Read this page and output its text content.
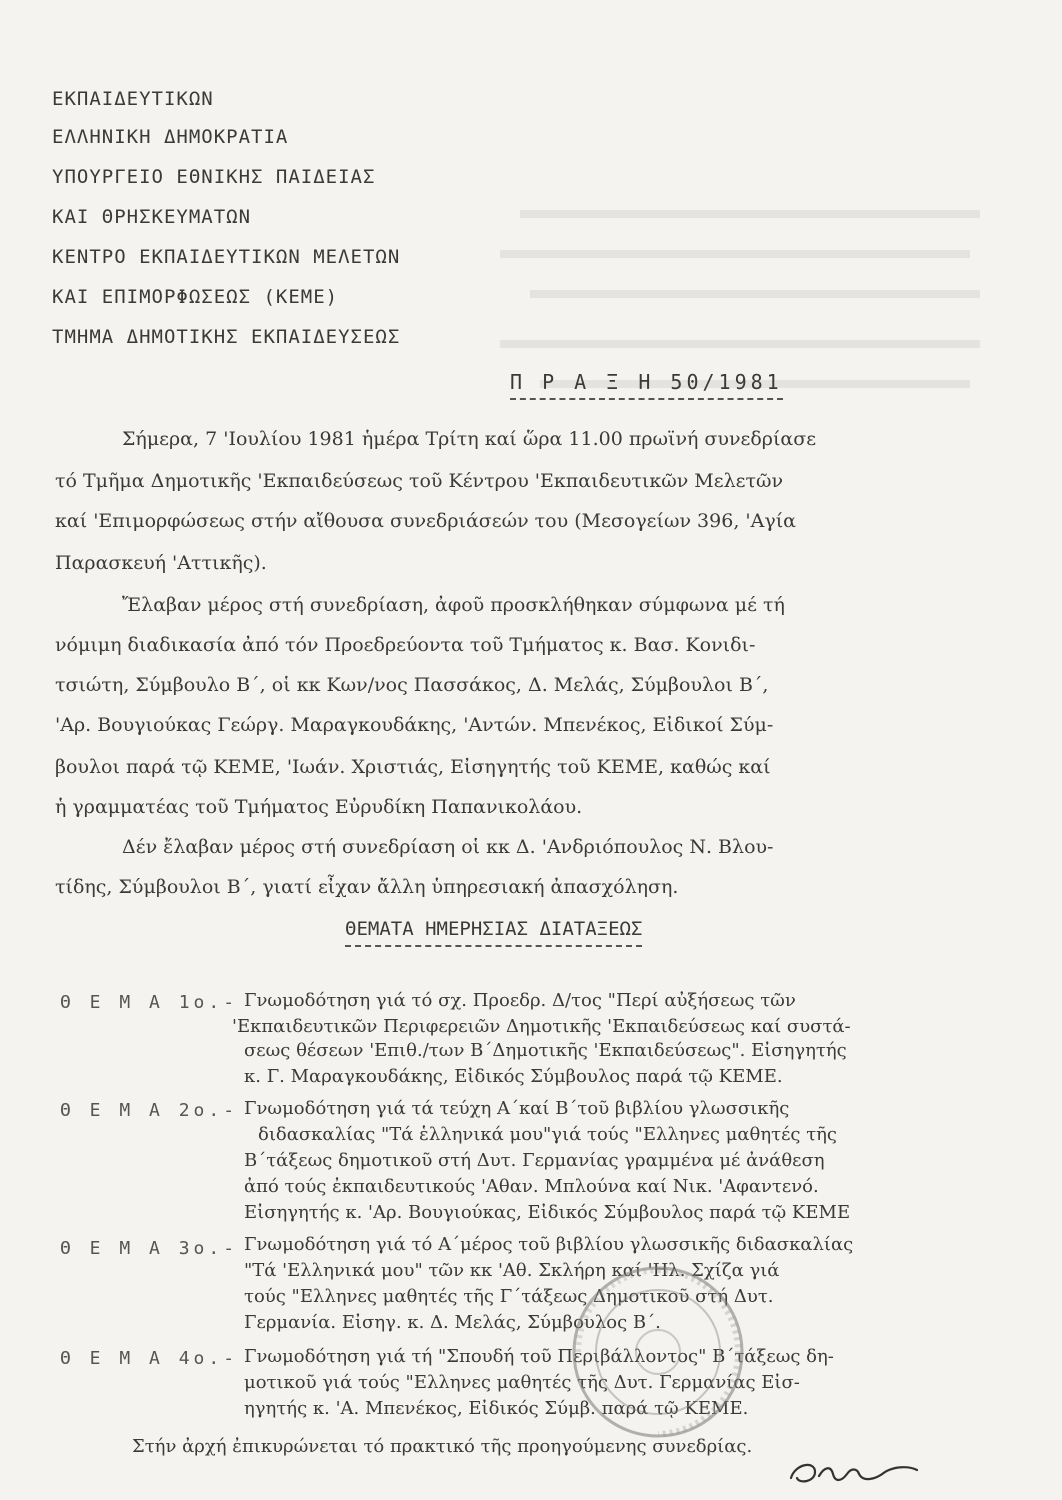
ΕΚΠΑΙΔΕΥΤΙΚΩΝ
ΕΛΛΗΝΙΚΗ ΔΗΜΟΚΡΑΤΙΑ
ΥΠΟΥΡΓΕΙΟ ΕΘΝΙΚΗΣ ΠΑΙΔΕΙΑΣ
ΚΑΙ ΘΡΗΣΚΕΥΜΑΤΩΝ
ΚΕΝΤΡΟ ΕΚΠΑΙΔΕΥΤΙΚΩΝ ΜΕΛΕΤΩΝ
ΚΑΙ ΕΠΙΜΟΡΦΩΣΕΩΣ (ΚΕΜΕ)
ΤΜΗΜΑ ΔΗΜΟΤΙΚΗΣ ΕΚΠΑΙΔΕΥΣΕΩΣ
Π Ρ Α Ξ Η 50/1981
Σήμερα, 7 'Ιουλίου 1981 ἡμέρα Τρίτη καί ὥρα 11.00 πρωϊνή συνεδρίασε
τό Τμῆμα Δημοτικῆς 'Εκπαιδεύσεως τοῦ Κέντρου 'Εκπαιδευτικῶν Μελετῶν
καί 'Επιμορφώσεως στήν αἴθουσα συνεδριάσεών του (Μεσογείων 396, 'Αγία
Παρασκευή 'Αττικῆς).
Ἔλαβαν μέρος στή συνεδρίαση, ἀφοῦ προσκλήθηκαν σύμφωνα μέ τή
νόμιμη διαδικασία ἀπό τόν Προεδρεύοντα τοῦ Τμήματος κ. Βασ. Κονιδι-
τσιώτη, Σύμβουλο Β΄, οἱ κκ Κων/νος Πασσάκος, Δ. Μελάς, Σύμβουλοι Β΄,
'Αρ. Βουγιούκας Γεώργ. Μαραγκουδάκης, 'Αντών. Μπενέκος, Εἰδικοί Σύμ-
βουλοι παρά τῷ ΚΕΜΕ, 'Ιωάν. Χριστιάς, Εἰσηγητής τοῦ ΚΕΜΕ, καθώς καί
ἡ γραμματέας τοῦ Τμήματος Εὐρυδίκη Παπανικολάου.
Δέν ἔλαβαν μέρος στή συνεδρίαση οἱ κκ Δ. 'Ανδριόπουλος Ν. Βλου-
τίδης, Σύμβουλοι Β΄, γιατί εἶχαν ἄλλη ὑπηρεσιακή ἀπασχόληση.
ΘΕΜΑΤΑ ΗΜΕΡΗΣΙΑΣ ΔΙΑΤΑΞΕΩΣ
Θ Ε Μ Α 1ο.- Γνωμοδότηση γιά τό σχ. Προεδρ. Δ/τος "Περί αὐξήσεως τῶν
'Εκπαιδευτικῶν Περιφερειῶν Δημοτικῆς 'Εκπαιδεύσεως καί συστά-
σεως θέσεων 'Επιθ./των Β΄Δημοτικῆς 'Εκπαιδεύσεως". Εἰσηγητής
κ. Γ. Μαραγκουδάκης, Εἰδικός Σύμβουλος παρά τῷ ΚΕΜΕ.
Θ Ε Μ Α 2ο.- Γνωμοδότηση γιά τά τεύχη Α΄καί Β΄τοῦ βιβλίου γλωσσικῆς
διδασκαλίας "Τά ἑλληνικά μου"γιά τούς "Ελληνες μαθητές τῆς
Β΄τάξεως δημοτικοῦ στή Δυτ. Γερμανίας γραμμένα μέ ἀνάθεση
ἀπό τούς ἐκπαιδευτικούς 'Αθαν. Μπλούνα καί Νικ. 'Αφαντενό.
Εἰσηγητής κ. 'Αρ. Βουγιούκας, Εἰδικός Σύμβουλος παρά τῷ ΚΕΜΕ
Θ Ε Μ Α 3ο.- Γνωμοδότηση γιά τό Α΄μέρος τοῦ βιβλίου γλωσσικῆς διδασκαλίας
"Τά 'Ελληνικά μου" τῶν κκ 'Αθ. Σκλήρη καί 'Ηλ. Σχίζα γιά
τούς "Ελληνες μαθητές τῆς Γ΄τάξεως Δημοτικοῦ στή Δυτ.
Γερμανία. Εἰσηγ. κ. Δ. Μελάς, Σύμβουλος Β΄.
Θ Ε Μ Α 4ο.- Γνωμοδότηση γιά τή "Σπουδή τοῦ Περιβάλλοντος" Β΄τάξεως δη-
μοτικοῦ γιά τούς "Ελληνες μαθητές τῆς Δυτ. Γερμανίας Εἰσ-
ηγητής κ. 'Α. Μπενέκος, Εἰδικός Σύμβ. παρά τῷ ΚΕΜΕ.
Στήν ἀρχή ἐπικυρώνεται τό πρακτικό τῆς προηγούμενης συνεδρίας.
